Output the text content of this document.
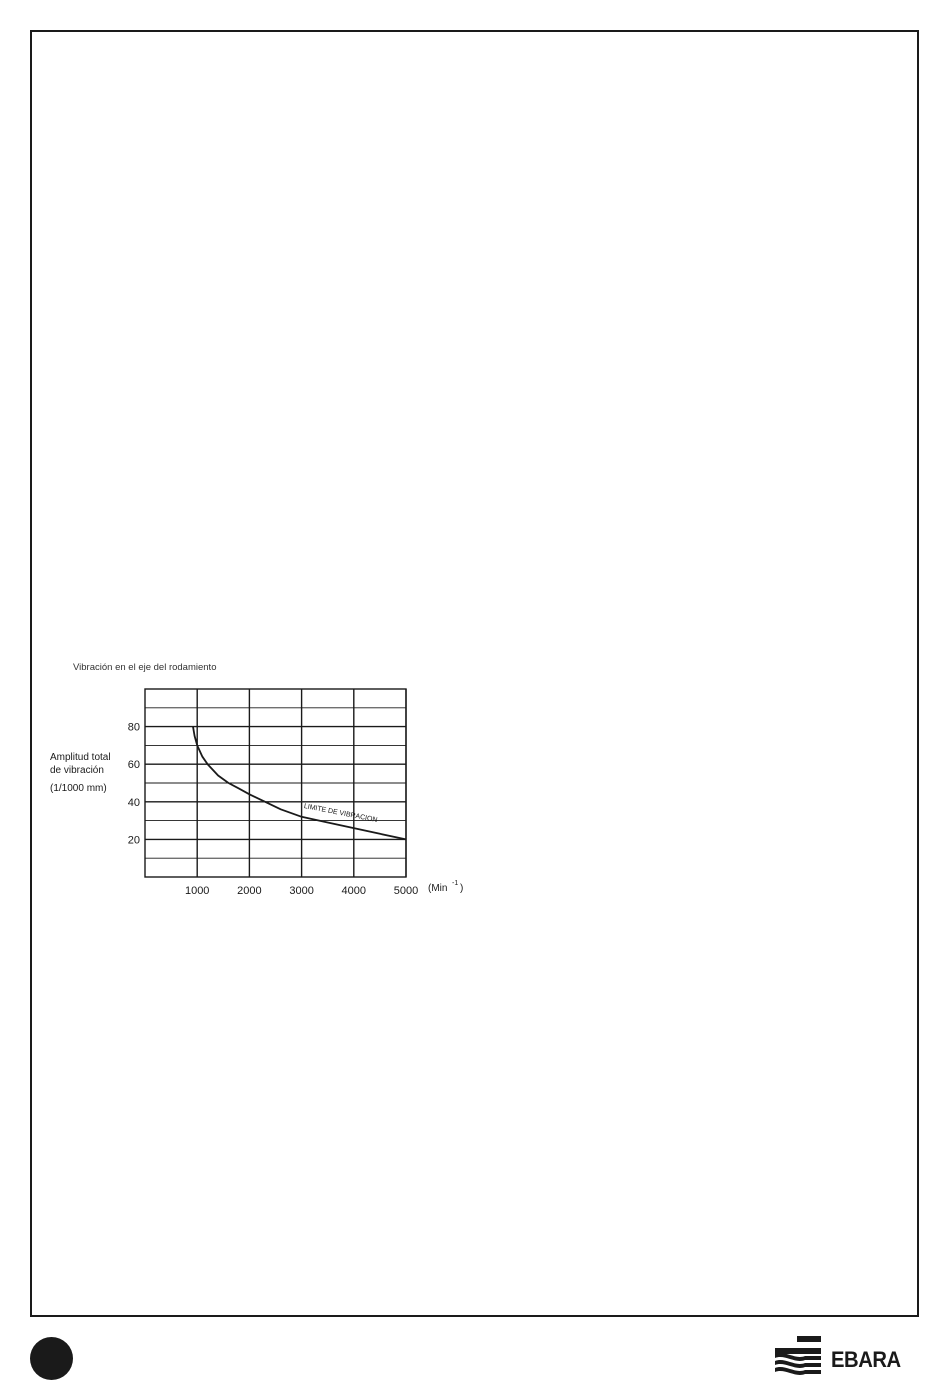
Vibración en el eje del rodamiento
Amplitud total
de vibración
(1/1000 mm)
20
40
60
80
1000	2000	3000	4000	5000 (Min -1 )
LIMITE DE VIBRACION
EBARA
